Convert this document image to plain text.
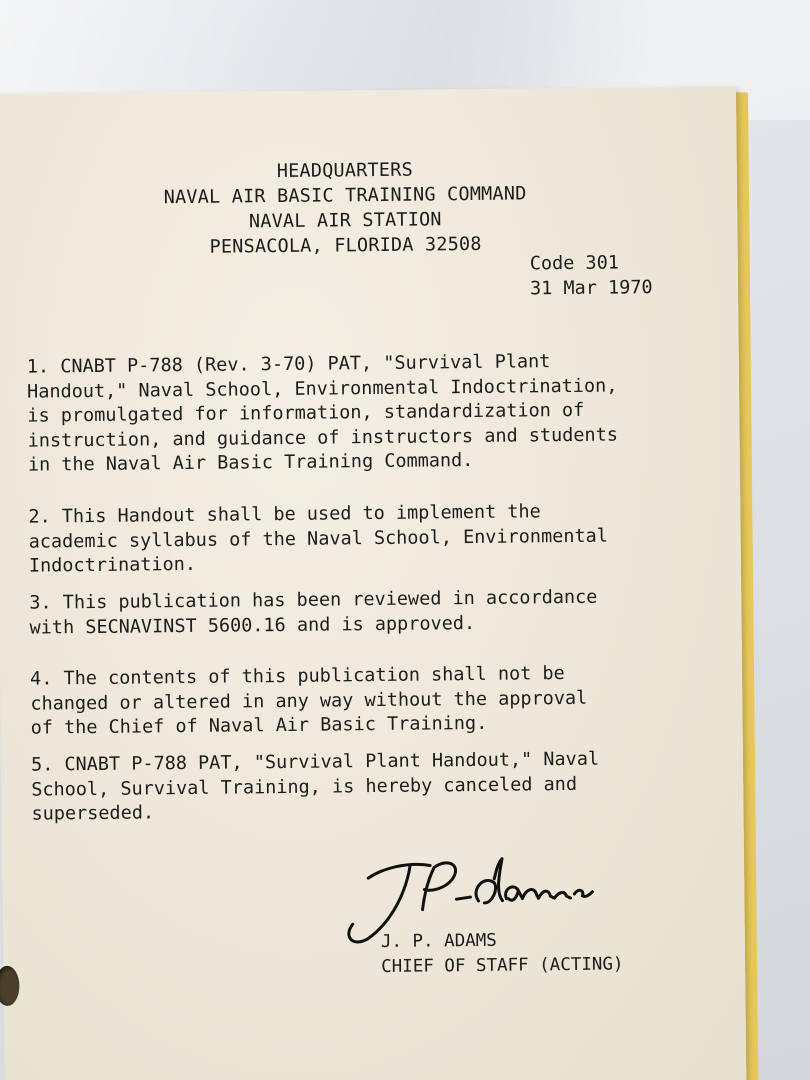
HEADQUARTERS
NAVAL AIR BASIC TRAINING COMMAND
NAVAL AIR STATION
PENSACOLA, FLORIDA 32508
Code 301
31 Mar 1970
1. CNABT P-788 (Rev. 3-70) PAT, "Survival Plant
Handout," Naval School, Environmental Indoctrination,
is promulgated for information, standardization of
instruction, and guidance of instructors and students
in the Naval Air Basic Training Command.
2. This Handout shall be used to implement the
academic syllabus of the Naval School, Environmental
Indoctrination.
3. This publication has been reviewed in accordance
with SECNAVINST 5600.16 and is approved.
4. The contents of this publication shall not be
changed or altered in any way without the approval
of the Chief of Naval Air Basic Training.
5. CNABT P-788 PAT, "Survival Plant Handout," Naval
School, Survival Training, is hereby canceled and
superseded.
J. P. ADAMS
CHIEF OF STAFF (ACTING)
